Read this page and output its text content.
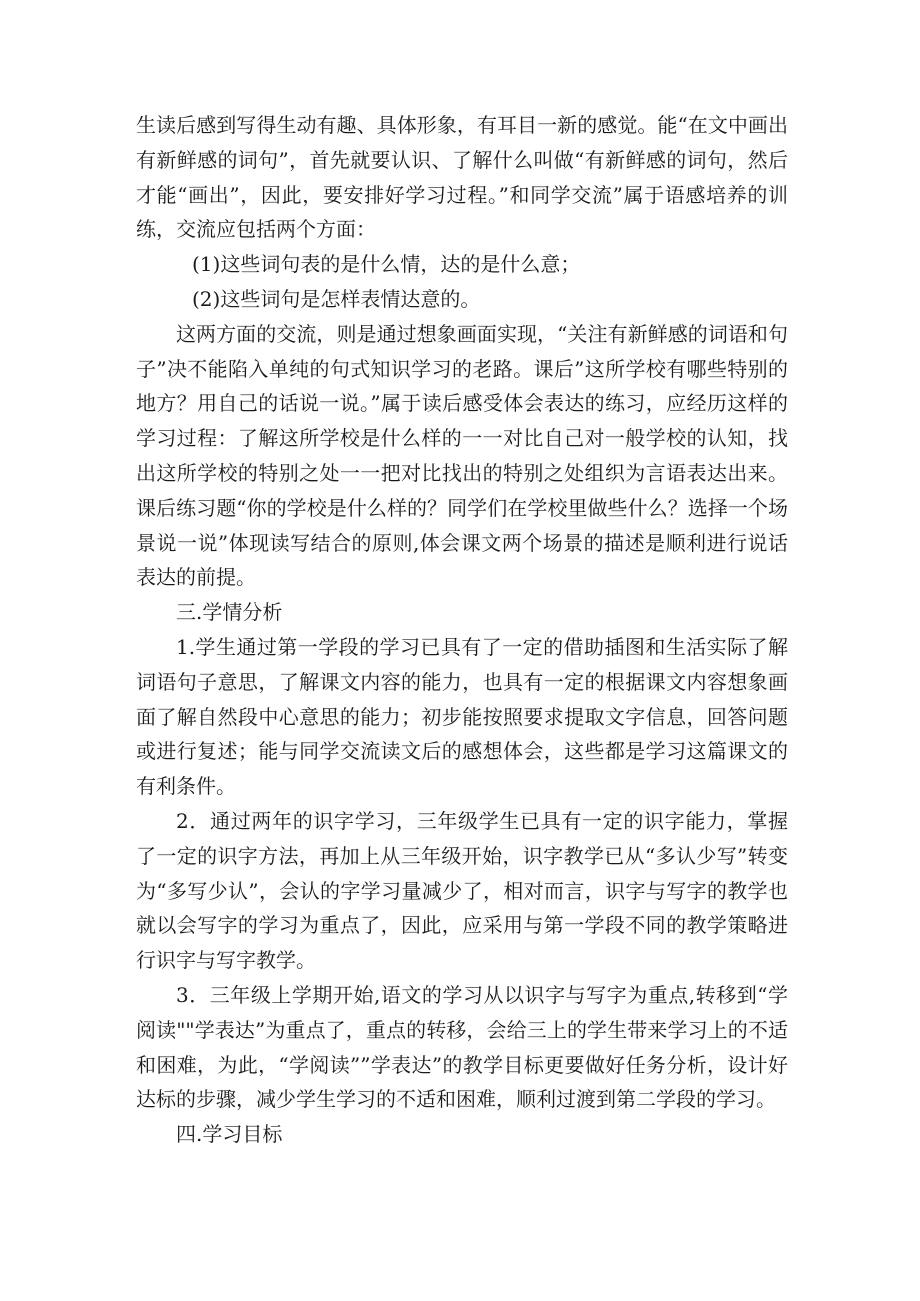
生读后感到写得生动有趣、具体形象，有耳目一新的感觉。能“在文中画出有新鲜感的词句”，首先就要认识、了解什么叫做“有新鲜感的词句，然后才能“画出”，因此，要安排好学习过程。”和同学交流”属于语感培养的训练，交流应包括两个方面：

(1)这些词句表的是什么情，达的是什么意；

(2)这些词句是怎样表情达意的。

这两方面的交流，则是通过想象画面实现，“关注有新鲜感的词语和句子”决不能陷入单纯的句式知识学习的老路。课后”这所学校有哪些特别的地方？用自己的话说一说。”属于读后感受体会表达的练习，应经历这样的学习过程：了解这所学校是什么样的一一对比自己对一般学校的认知，找出这所学校的特别之处一一把对比找出的特别之处组织为言语表达出来。课后练习题“你的学校是什么样的？同学们在学校里做些什么？选择一个场景说一说”体现读写结合的原则,体会课文两个场景的描述是顺利进行说话表达的前提。

三.学情分析

1.学生通过第一学段的学习已具有了一定的借助插图和生活实际了解词语句子意思，了解课文内容的能力，也具有一定的根据课文内容想象画面了解自然段中心意思的能力；初步能按照要求提取文字信息，回答问题或进行复述；能与同学交流读文后的感想体会，这些都是学习这篇课文的有利条件。

2．通过两年的识字学习，三年级学生已具有一定的识字能力，掌握了一定的识字方法，再加上从三年级开始，识字教学已从“多认少写”转变为“多写少认”，会认的字学习量减少了，相对而言，识字与写字的教学也就以会写字的学习为重点了，因此，应采用与第一学段不同的教学策略进行识字与写字教学。

3．三年级上学期开始,语文的学习从以识字与写字为重点,转移到“学阅读""学表达”为重点了，重点的转移，会给三上的学生带来学习上的不适和困难，为此，“学阅读””学表达”的教学目标更要做好任务分析，设计好达标的步骤，减少学生学习的不适和困难，顺利过渡到第二学段的学习。

四.学习目标
